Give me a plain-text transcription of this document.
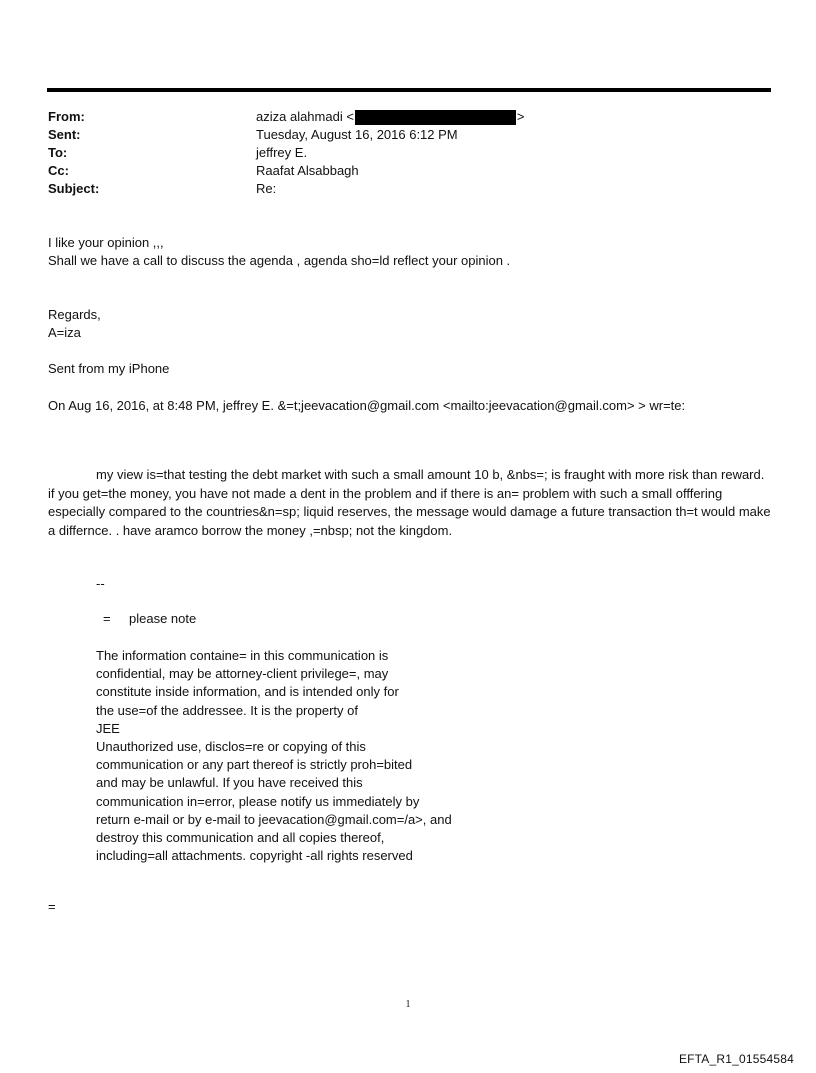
From:	aziza alahmadi <	>
Sent:	Tuesday, August 16, 2016 6:12 PM
To:	jeffrey E.
Cc:	Raafat Alsabbagh
Subject:	Re:
I like your opinion ,,,
Shall we have a call to discuss the agenda , agenda sho=ld reflect your opinion .
Regards,
A=iza
Sent from my iPhone
On Aug 16, 2016, at 8:48 PM, jeffrey E. &=t;jeevacation@gmail.com <mailto:jeevacation@gmail.com> > wr=te:
my view is=that testing the debt market with such a small amount 10 b, &nbs=; is fraught with more risk than reward. if you get=the money, you have not made a dent in the problem and if there is an= problem with such a small offfering especially compared to the countries&n=sp; liquid reserves, the message would damage a future transaction th=t would make a differnce. . have aramco borrow the money ,=nbsp; not the kingdom.
--
= please note
The information containe= in this communication is
confidential, may be attorney-client privilege=, may
constitute inside information, and is intended only for
the use=of the addressee. It is the property of
JEE
Unauthorized use, disclos=re or copying of this
communication or any part thereof is strictly proh=bited
and may be unlawful. If you have received this
communication in=error, please notify us immediately by
return e-mail or by e-mail to jeevacation@gmail.com=/a>, and
destroy this communication and all copies thereof,
including=all attachments. copyright -all rights reserved
=
1
EFTA_R1_01554584
